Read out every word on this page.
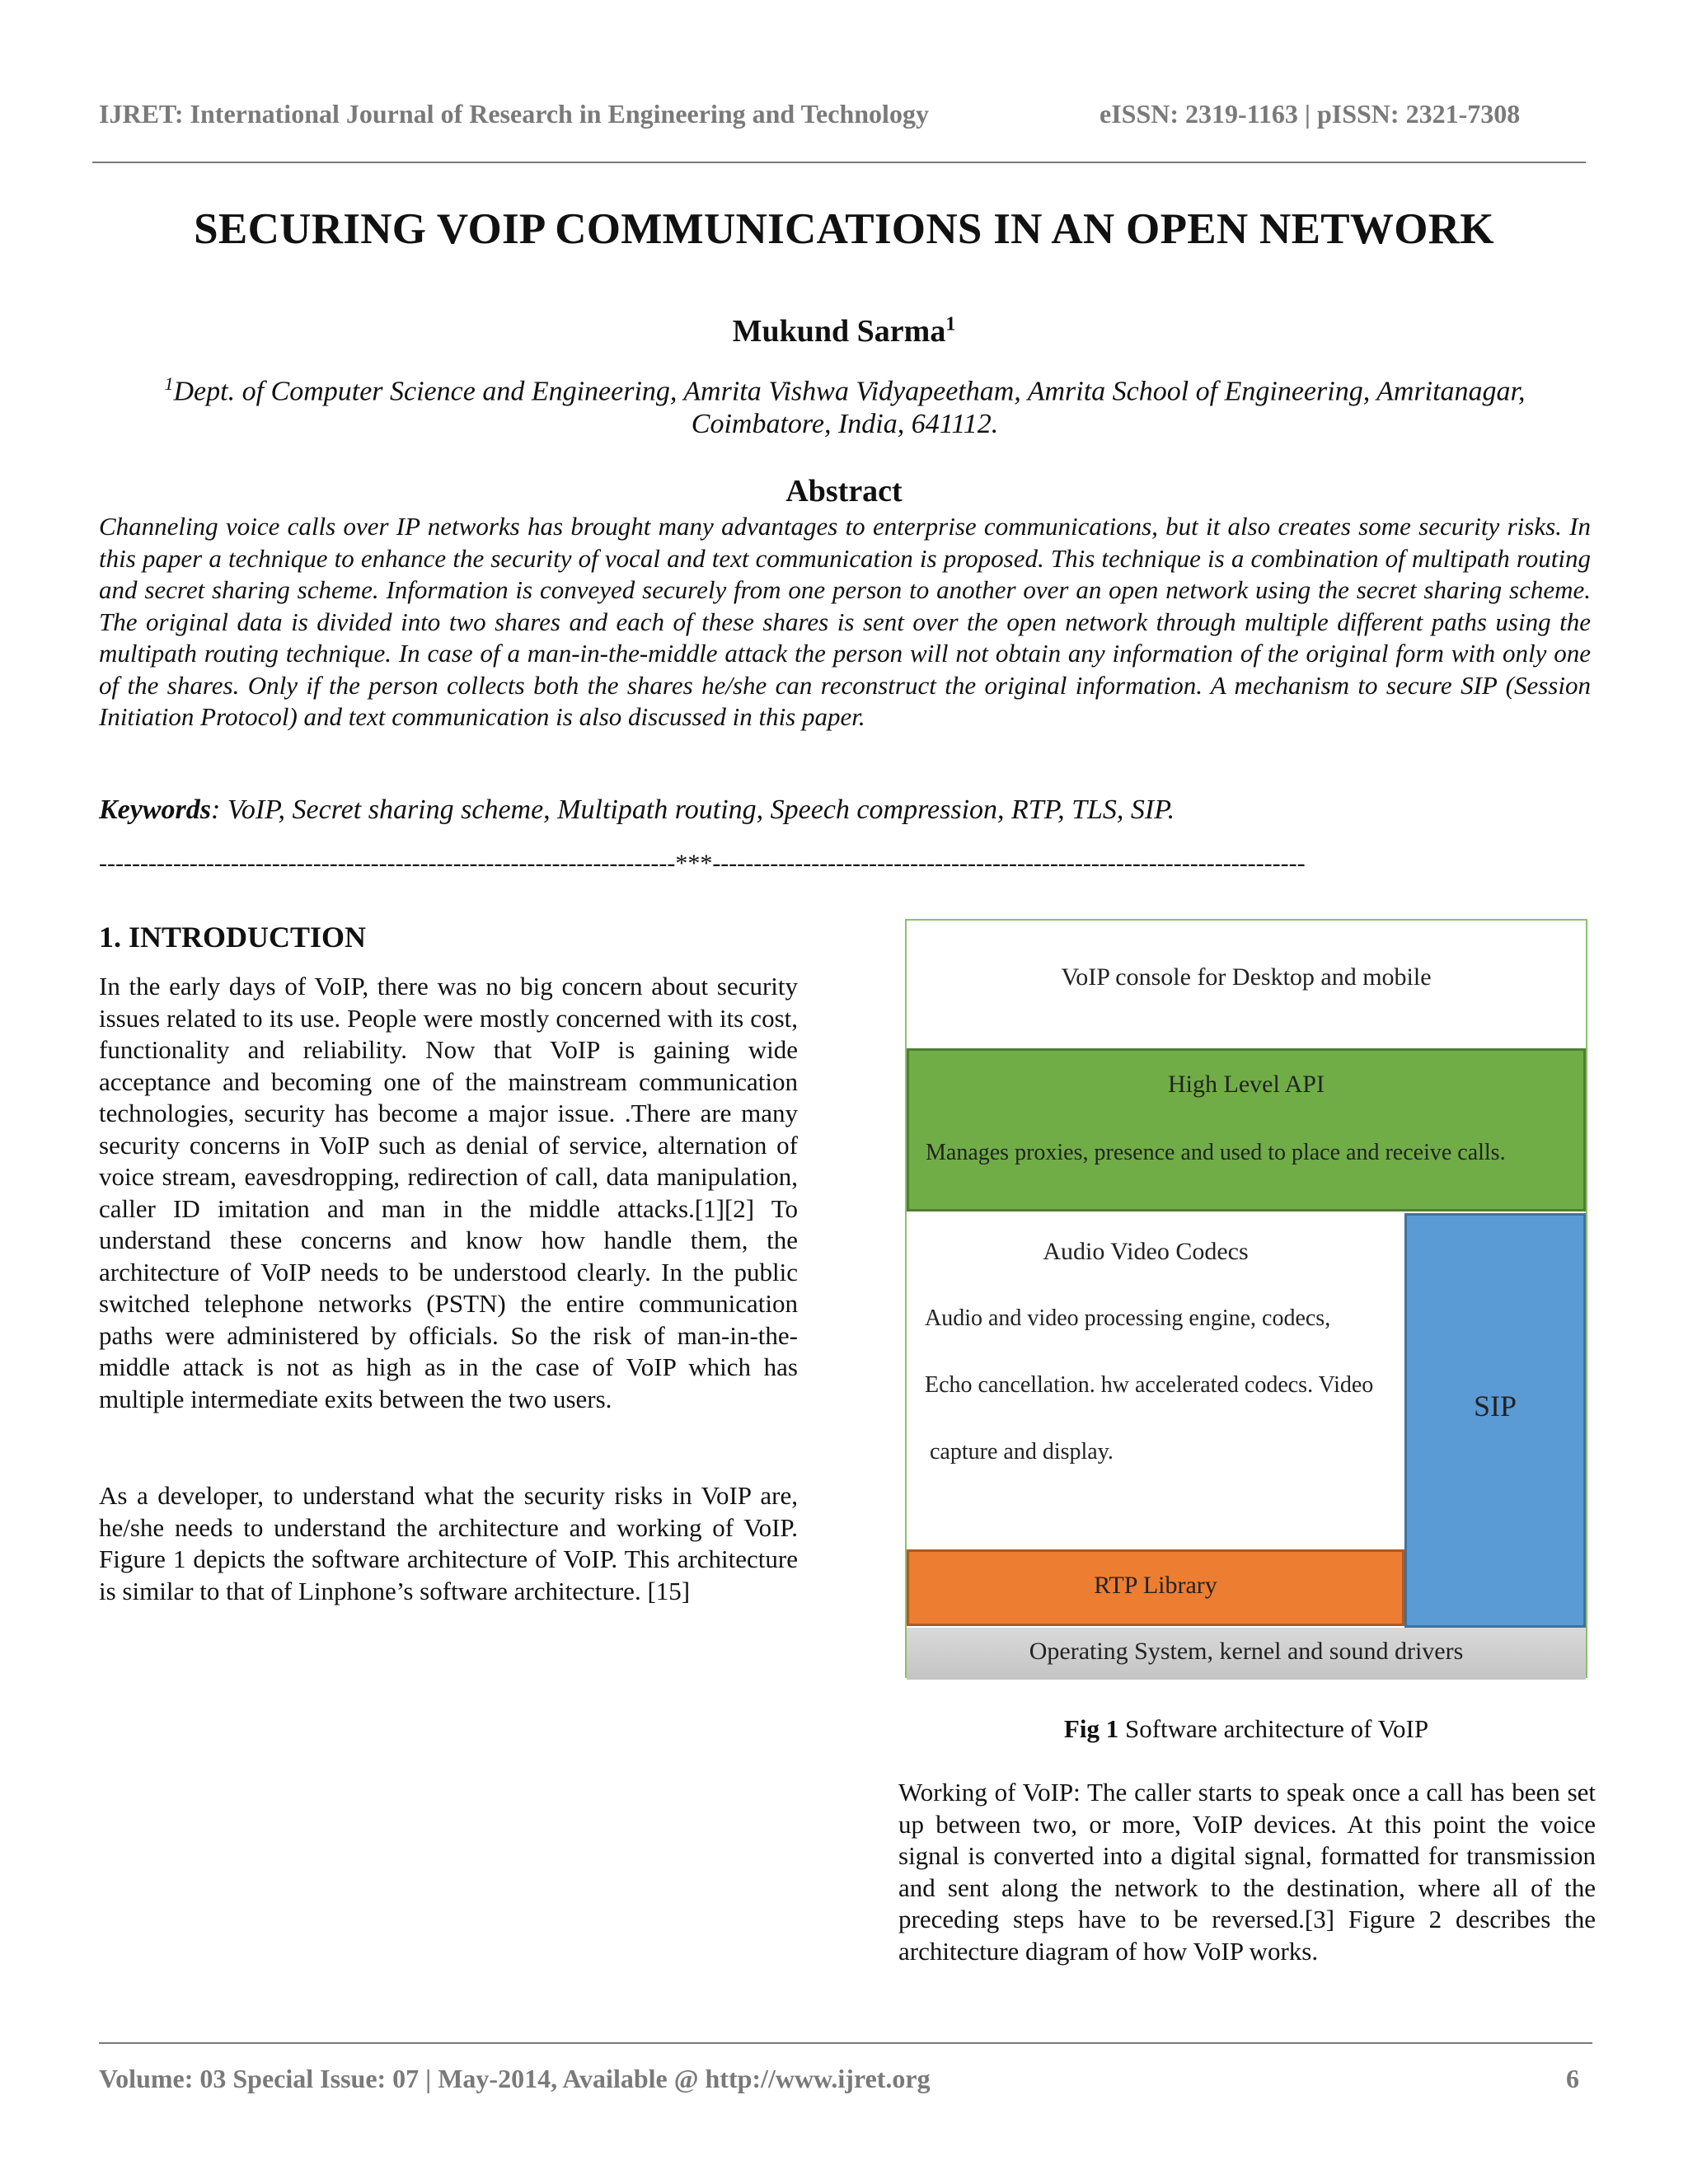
IJRET: International Journal of Research in Engineering and Technology	eISSN: 2319-1163 | pISSN: 2321-7308
SECURING VOIP COMMUNICATIONS IN AN OPEN NETWORK
Mukund Sarma$^1$
$^1$Dept. of Computer Science and Engineering, Amrita Vishwa Vidyapeetham, Amrita School of Engineering, Amritanagar, Coimbatore, India, 641112.
Abstract
Channeling voice calls over IP networks has brought many advantages to enterprise communications, but it also creates some security risks. In this paper a technique to enhance the security of vocal and text communication is proposed. This technique is a combination of multipath routing and secret sharing scheme. Information is conveyed securely from one person to another over an open network using the secret sharing scheme. The original data is divided into two shares and each of these shares is sent over the open network through multiple different paths using the multipath routing technique. In case of a man-in-the-middle attack the person will not obtain any information of the original form with only one of the shares. Only if the person collects both the shares he/she can reconstruct the original information. A mechanism to secure SIP (Session Initiation Protocol) and text communication is also discussed in this paper.
Keywords: VoIP, Secret sharing scheme, Multipath routing, Speech compression, RTP, TLS, SIP.
----------------------------------------------------------------------***------------------------------------------------------------------------
1. INTRODUCTION
In the early days of VoIP, there was no big concern about security issues related to its use. People were mostly concerned with its cost, functionality and reliability. Now that VoIP is gaining wide acceptance and becoming one of the mainstream communication technologies, security has become a major issue. .There are many security concerns in VoIP such as denial of service, alternation of voice stream, eavesdropping, redirection of call, data manipulation, caller ID imitation and man in the middle attacks.[1][2] To understand these concerns and know how handle them, the architecture of VoIP needs to be understood clearly. In the public switched telephone networks (PSTN) the entire communication paths were administered by officials. So the risk of man-in-the-middle attack is not as high as in the case of VoIP which has multiple intermediate exits between the two users.
As a developer, to understand what the security risks in VoIP are, he/she needs to understand the architecture and working of VoIP. Figure 1 depicts the software architecture of VoIP. This architecture is similar to that of Linphone’s software architecture. [15]
VoIP console for Desktop and mobile
High Level API
Manages proxies, presence and used to place and receive calls.
Audio Video Codecs
Audio and video processing engine, codecs,
Echo cancellation. hw accelerated codecs. Video
capture and display.
SIP
RTP Library
Operating System, kernel and sound drivers
Fig 1 Software architecture of VoIP
Working of VoIP: The caller starts to speak once a call has been set up between two, or more, VoIP devices. At this point the voice signal is converted into a digital signal, formatted for transmission and sent along the network to the destination, where all of the preceding steps have to be reversed.[3] Figure 2 describes the architecture diagram of how VoIP works.
Volume: 03 Special Issue: 07 | May-2014, Available @ http://www.ijret.org	6
